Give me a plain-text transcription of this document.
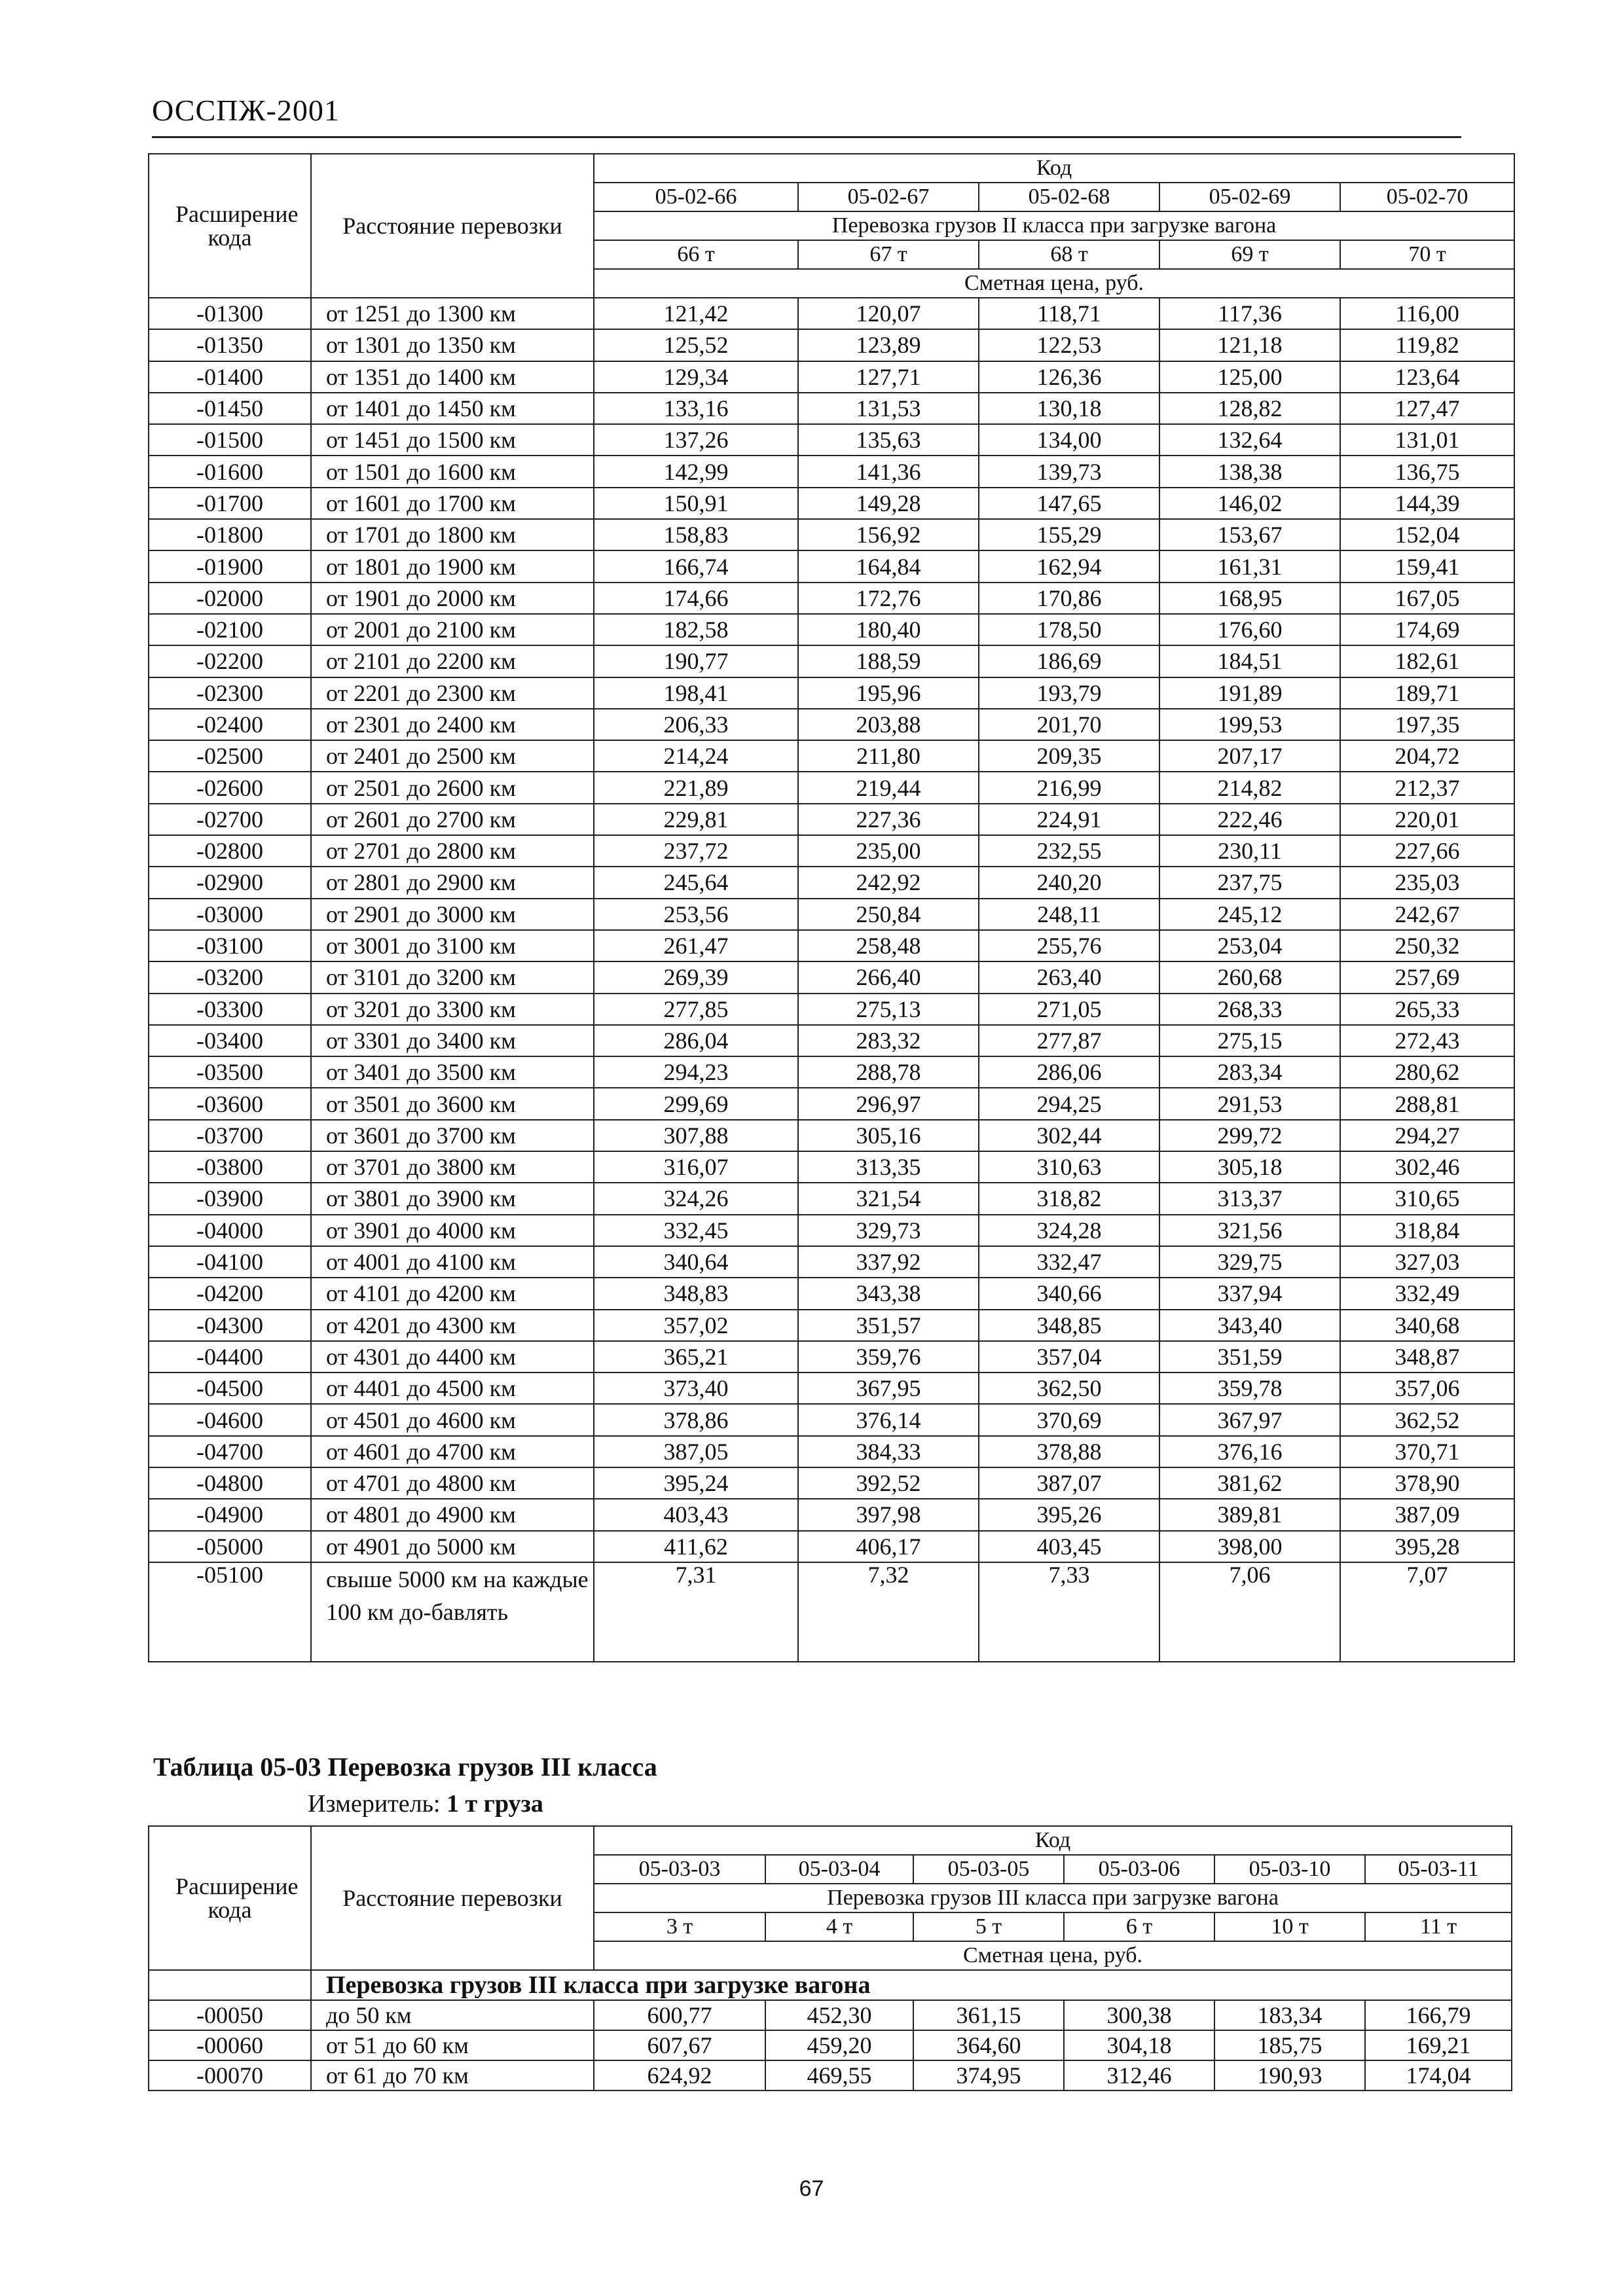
ОССПЖ-2001
Расширение кода	Расстояние перевозки	Код				
		05-02-66	05-02-67	05-02-68	05-02-69	05-02-70
		Перевозка грузов II класса при загрузке вагона				
		66 т	67 т	68 т	69 т	70 т
		Сметная цена, руб.				
-01300	от 1251 до 1300 км	121,42	120,07	118,71	117,36	116,00
-01350	от 1301 до 1350 км	125,52	123,89	122,53	121,18	119,82
-01400	от 1351 до 1400 км	129,34	127,71	126,36	125,00	123,64
-01450	от 1401 до 1450 км	133,16	131,53	130,18	128,82	127,47
-01500	от 1451 до 1500 км	137,26	135,63	134,00	132,64	131,01
-01600	от 1501 до 1600 км	142,99	141,36	139,73	138,38	136,75
-01700	от 1601 до 1700 км	150,91	149,28	147,65	146,02	144,39
-01800	от 1701 до 1800 км	158,83	156,92	155,29	153,67	152,04
-01900	от 1801 до 1900 км	166,74	164,84	162,94	161,31	159,41
-02000	от 1901 до 2000 км	174,66	172,76	170,86	168,95	167,05
-02100	от 2001 до 2100 км	182,58	180,40	178,50	176,60	174,69
-02200	от 2101 до 2200 км	190,77	188,59	186,69	184,51	182,61
-02300	от 2201 до 2300 км	198,41	195,96	193,79	191,89	189,71
-02400	от 2301 до 2400 км	206,33	203,88	201,70	199,53	197,35
-02500	от 2401 до 2500 км	214,24	211,80	209,35	207,17	204,72
-02600	от 2501 до 2600 км	221,89	219,44	216,99	214,82	212,37
-02700	от 2601 до 2700 км	229,81	227,36	224,91	222,46	220,01
-02800	от 2701 до 2800 км	237,72	235,00	232,55	230,11	227,66
-02900	от 2801 до 2900 км	245,64	242,92	240,20	237,75	235,03
-03000	от 2901 до 3000 км	253,56	250,84	248,11	245,12	242,67
-03100	от 3001 до 3100 км	261,47	258,48	255,76	253,04	250,32
-03200	от 3101 до 3200 км	269,39	266,40	263,40	260,68	257,69
-03300	от 3201 до 3300 км	277,85	275,13	271,05	268,33	265,33
-03400	от 3301 до 3400 км	286,04	283,32	277,87	275,15	272,43
-03500	от 3401 до 3500 км	294,23	288,78	286,06	283,34	280,62
-03600	от 3501 до 3600 км	299,69	296,97	294,25	291,53	288,81
-03700	от 3601 до 3700 км	307,88	305,16	302,44	299,72	294,27
-03800	от 3701 до 3800 км	316,07	313,35	310,63	305,18	302,46
-03900	от 3801 до 3900 км	324,26	321,54	318,82	313,37	310,65
-04000	от 3901 до 4000 км	332,45	329,73	324,28	321,56	318,84
-04100	от 4001 до 4100 км	340,64	337,92	332,47	329,75	327,03
-04200	от 4101 до 4200 км	348,83	343,38	340,66	337,94	332,49
-04300	от 4201 до 4300 км	357,02	351,57	348,85	343,40	340,68
-04400	от 4301 до 4400 км	365,21	359,76	357,04	351,59	348,87
-04500	от 4401 до 4500 км	373,40	367,95	362,50	359,78	357,06
-04600	от 4501 до 4600 км	378,86	376,14	370,69	367,97	362,52
-04700	от 4601 до 4700 км	387,05	384,33	378,88	376,16	370,71
-04800	от 4701 до 4800 км	395,24	392,52	387,07	381,62	378,90
-04900	от 4801 до 4900 км	403,43	397,98	395,26	389,81	387,09
-05000	от 4901 до 5000 км	411,62	406,17	403,45	398,00	395,28
-05100	свыше 5000 км на каждые 100 км до-бавлять	7,31	7,32	7,33	7,06	7,07
Таблица 05-03 Перевозка грузов III класса
Измеритель: 1 т груза
Расширение кода	Расстояние перевозки	Код					
		05-03-03	05-03-04	05-03-05	05-03-06	05-03-10	05-03-11
		Перевозка грузов III класса при загрузке вагона					
		3 т	4 т	5 т	6 т	10 т	11 т
		Сметная цена, руб.					
	Перевозка грузов III класса при загрузке вагона						
-00050	до 50 км	600,77	452,30	361,15	300,38	183,34	166,79
-00060	от 51 до 60 км	607,67	459,20	364,60	304,18	185,75	169,21
-00070	от 61 до 70 км	624,92	469,55	374,95	312,46	190,93	174,04
67
